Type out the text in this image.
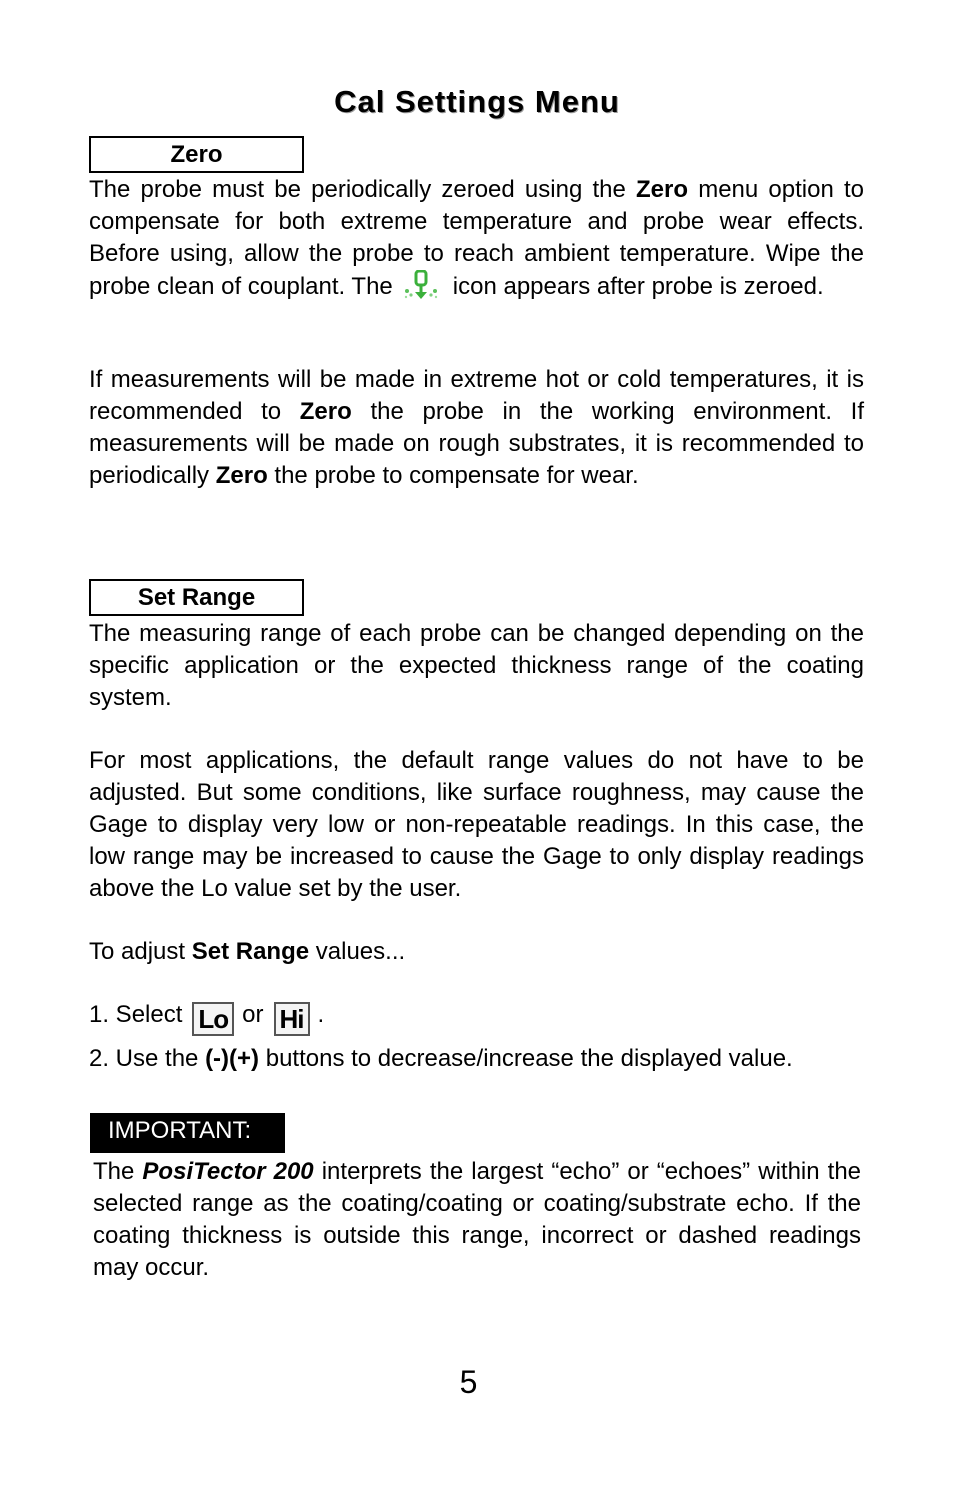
Cal Settings Menu
Zero

The probe must be periodically zeroed using the Zero menu option to compensate for both extreme temperature and probe wear effects. Before using, allow the probe to reach ambient temperature. Wipe the probe clean of couplant. The	icon appears after probe is zeroed.

If measurements will be made in extreme hot or cold temperatures, it is recommended to Zero the probe in the working environment. If measurements will be made on rough substrates, it is recommended to periodically Zero the probe to compensate for wear.

Set Range

The measuring range of each probe can be changed depending on the specific application or the expected thickness range of the coating system.

For most applications, the default range values do not have to be adjusted. But some conditions, like surface roughness, may cause the Gage to display very low or non-repeatable readings. In this case, the low range may be increased to cause the Gage to only display readings above the Lo value set by the user.

To adjust Set Range values...

1. Select Lo or Hi .

2. Use the (-)(+) buttons to decrease/increase the displayed value.

IMPORTANT:

The PosiTector 200 interprets the largest “echo” or “echoes” within the selected range as the coating/coating or coating/substrate echo. If the coating thickness is outside this range, incorrect or dashed readings may occur.

5
